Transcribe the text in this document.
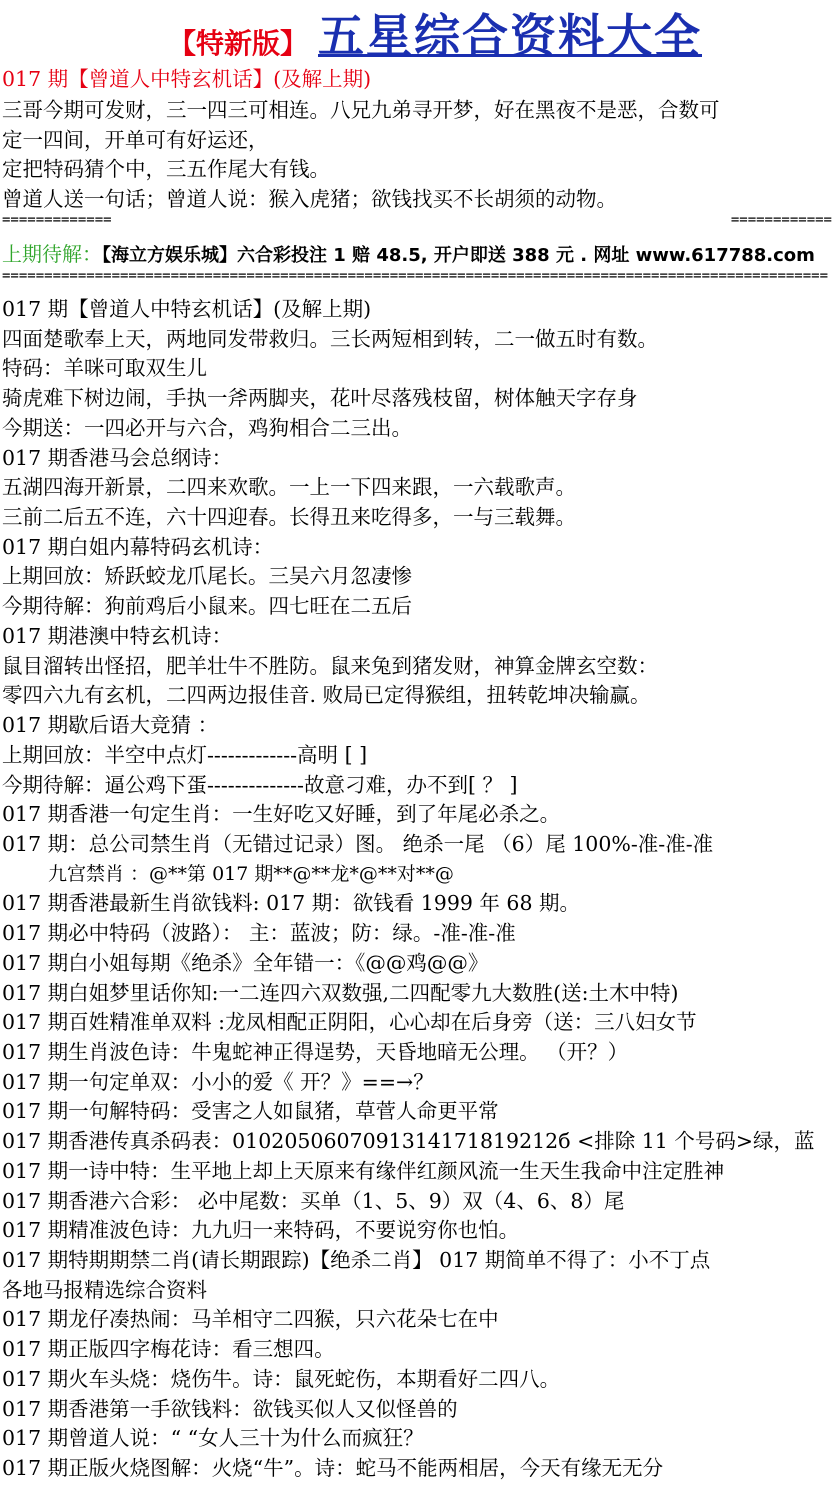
【特新版】 五星综合资料大全
017 期【曾道人中特玄机话】(及解上期)
三哥今期可发财，三一四三可相连。八兄九弟寻开梦，好在黑夜不是恶，合数可
定一四间，开单可有好运还，
定把特码猜个中，三五作尾大有钱。
曾道人送一句话；曾道人说：猴入虎猪；欲钱找买不长胡须的动物。
=============	============
上期待解：【海立方娱乐城】六合彩投注 1 赔 48.5, 开户即送 388 元 . 网址 www.617788.com
==================================================================================================
017 期【曾道人中特玄机话】(及解上期)
四面楚歌奉上天，两地同发带救归。三长两短相到转，二一做五时有数。
特码：羊咪可取双生儿
骑虎难下树边闹，手执一斧两脚夹，花叶尽落残枝留，树体触天字存身
今期送：一四必开与六合，鸡狗相合二三出。
017 期香港马会总纲诗：
五湖四海开新景，二四来欢歌。一上一下四来跟，一六载歌声。
三前二后五不连，六十四迎春。长得丑来吃得多，一与三载舞。
017 期白姐内幕特码玄机诗：
上期回放：矫跃蛟龙爪尾长。三吴六月忽凄惨
今期待解：狗前鸡后小鼠来。四七旺在二五后
017 期港澳中特玄机诗：
鼠目溜转出怪招，肥羊壮牛不胜防。鼠来兔到猪发财，神算金牌玄空数：
零四六九有玄机，二四两边报佳音. 败局已定得猴组，扭转乾坤决输赢。
017 期歇后语大竞猜 ：
上期回放：半空中点灯-------------高明 [ ]
今期待解：逼公鸡下蛋--------------故意刁难，办不到[ ？ ]
017 期香港一句定生肖：一生好吃又好睡，到了年尾必杀之。
017 期：总公司禁生肖（无错过记录）图。 绝杀一尾 （6）尾 100%-准-准-准
九宫禁肖 ：@**第 017 期**@**龙*@**对**@
017 期香港最新生肖欲钱料: 017 期：欲钱看 1999 年 68 期。
017 期必中特码（波路）： 主：蓝波；防：绿。-准-准-准
017 期白小姐每期《绝杀》全年错一：《@@鸡@@》
017 期白姐梦里话你知:一二连四六双数强,二四配零九大数胜(送:土木中特)
017 期百姓精准单双料 :龙凤相配正阴阳，心心却在后身旁（送：三八妇女节
017 期生肖波色诗：牛鬼蛇神正得逞势，天昏地暗无公理。 （开？）
017 期一句定单双：小小的爱《 开？》==→？
017 期一句解特码：受害之人如鼠猪，草菅人命更平常
017 期香港传真杀码表：0102050607091314171819212б <排除 11 个号码>绿，蓝
017 期一诗中特：生平地上却上天原来有缘伴红颜风流一生天生我命中注定胜神
017 期香港六合彩： 必中尾数：买单（1、5、9）双（4、6、8）尾
017 期精准波色诗：九九归一来特码，不要说穷你也怕。
017 期特期期禁二肖(请长期跟踪)【绝杀二肖】 017 期简单不得了：小不丁点
各地马报精选综合资料
017 期龙仔凑热闹：马羊相守二四猴，只六花朵七在中
017 期正版四字梅花诗：看三想四。
017 期火车头烧：烧伤牛。诗：鼠死蛇伤，本期看好二四八。
017 期香港第一手欲钱料：欲钱买似人又似怪兽的
017 期曾道人说：“ “女人三十为什么而疯狂？
017 期正版火烧图解：火烧“牛”。诗：蛇马不能两相居，今天有缘无无分
